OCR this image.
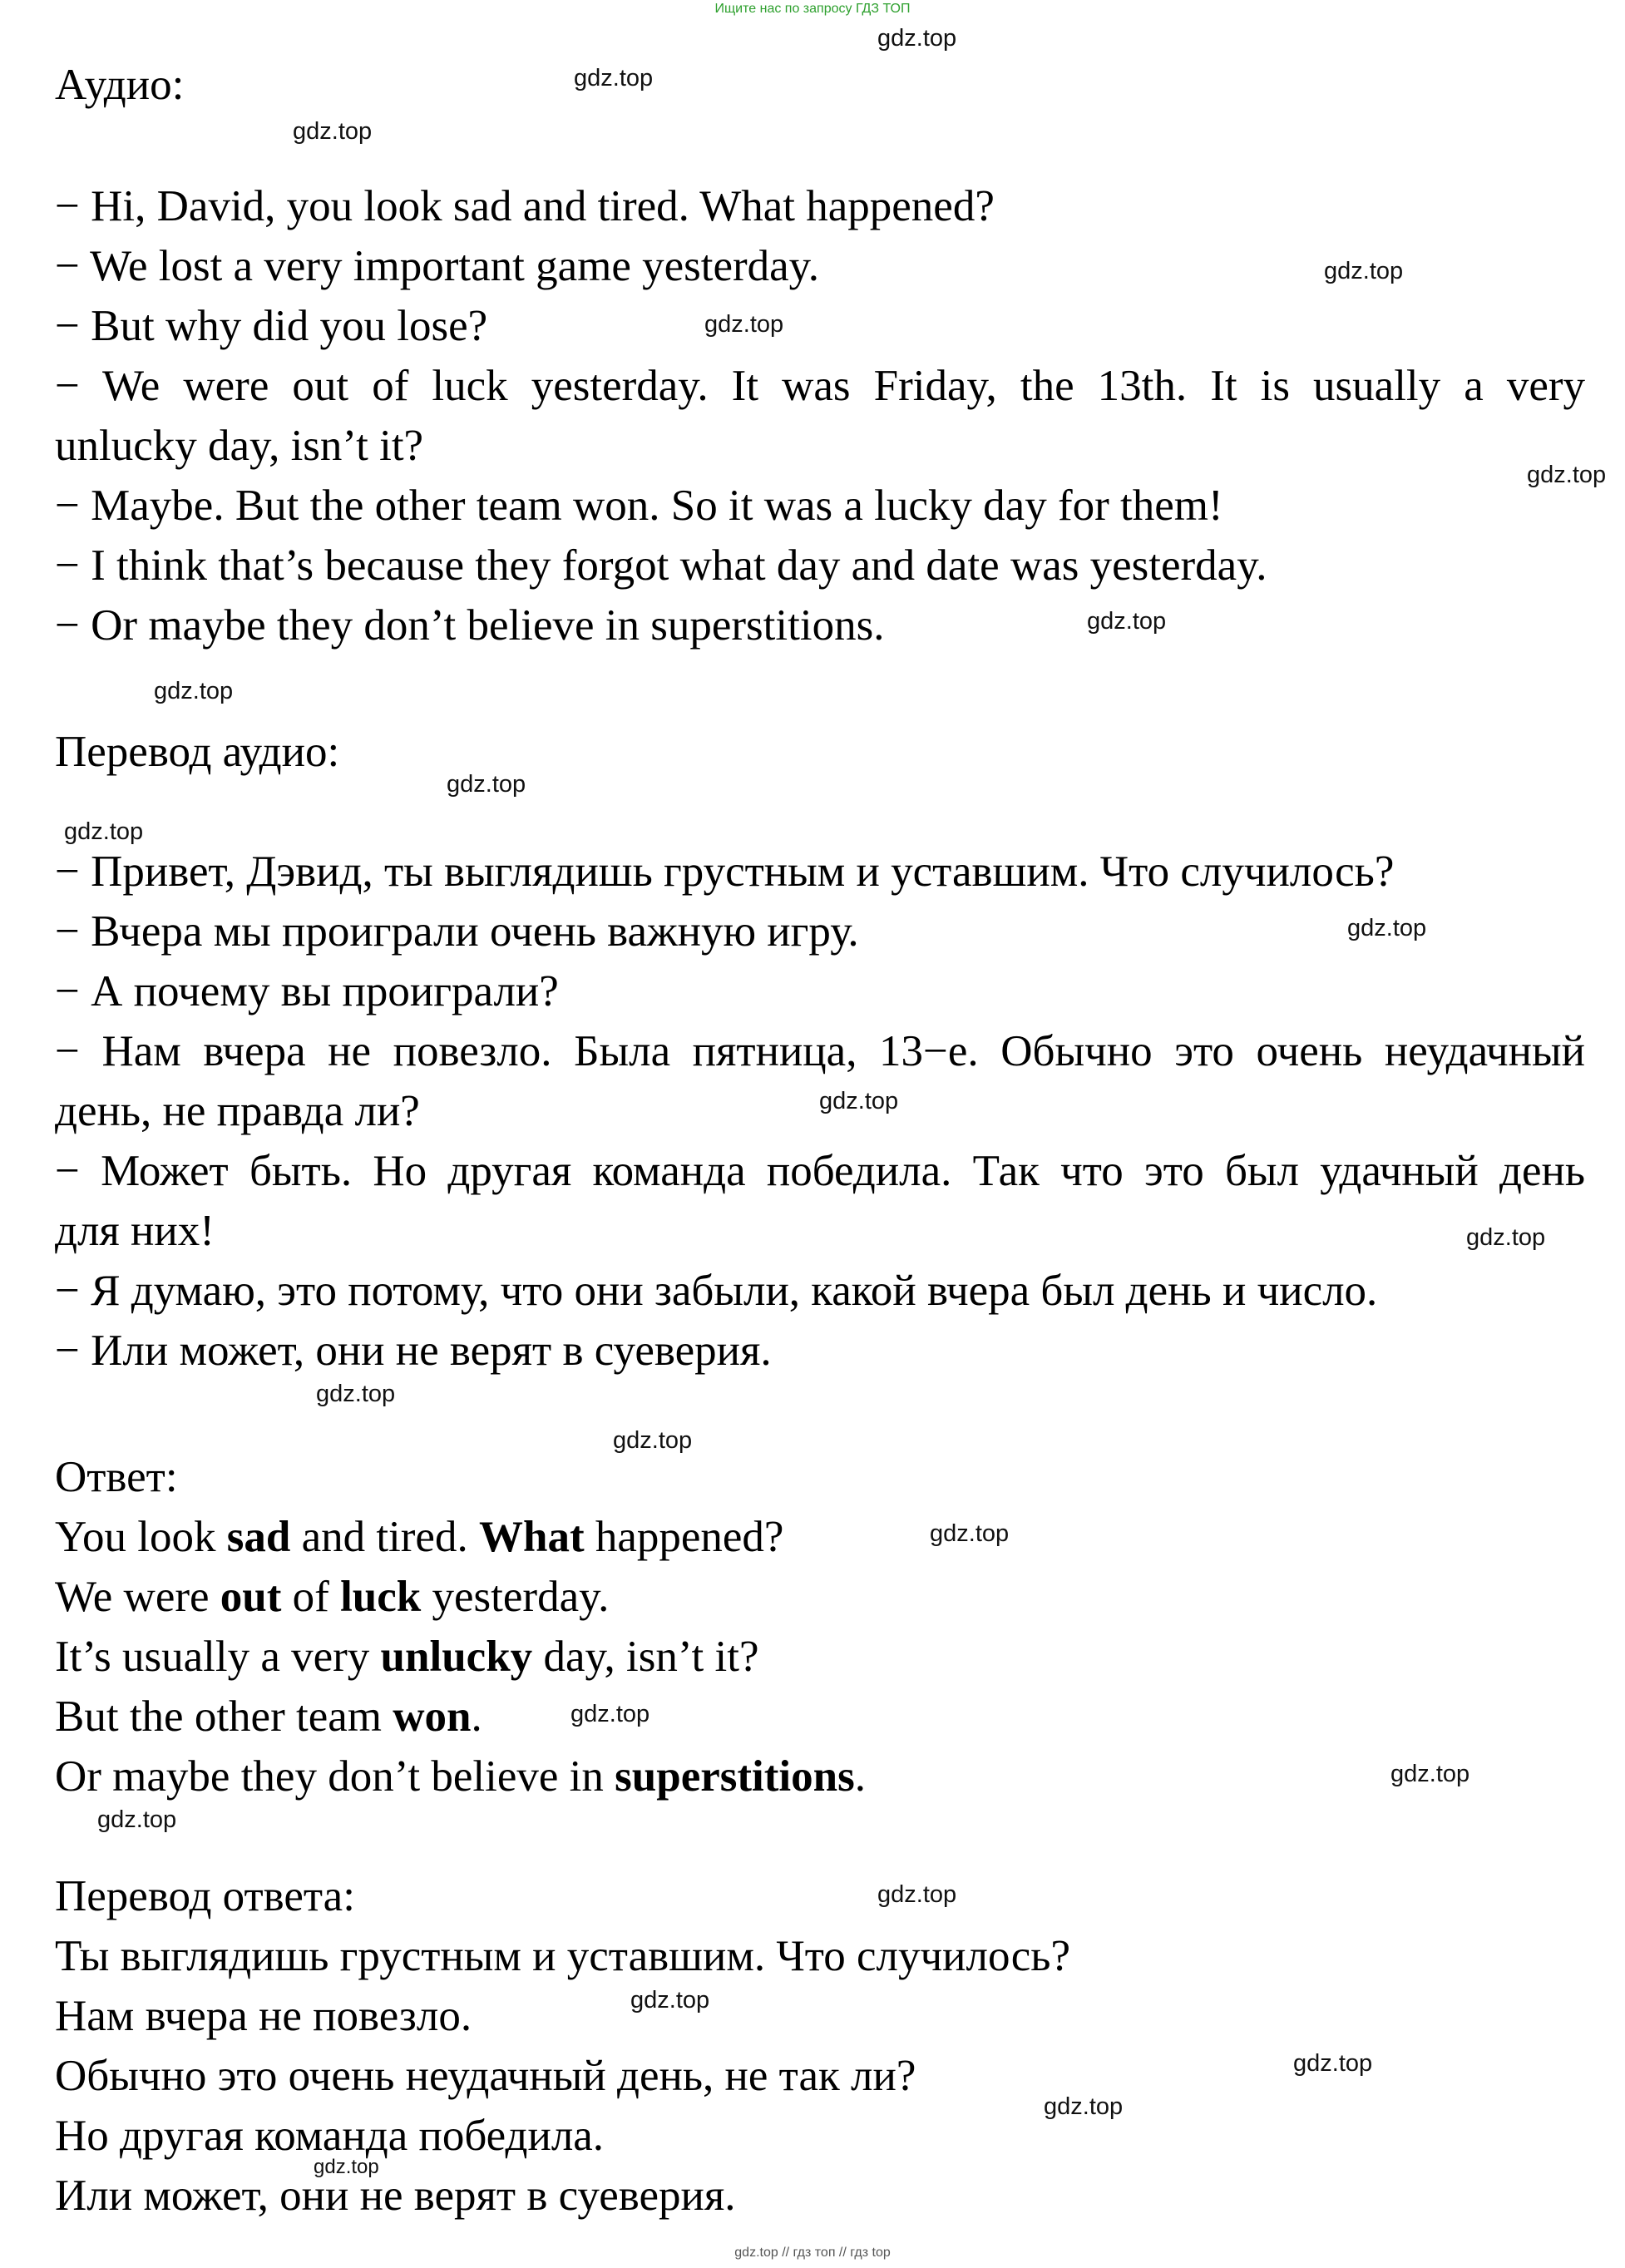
Ищите нас по запросу ГДЗ ТОП
Аудио:
− Hi, David, you look sad and tired. What happened?
− We lost a very important game yesterday.
− But why did you lose?
− We were out of luck yesterday. It was Friday, the 13th. It is usually a very
unlucky day, isn’t it?
− Maybe. But the other team won. So it was a lucky day for them!
− I think that’s because they forgot what day and date was yesterday.
− Or maybe they don’t believe in superstitions.
Перевод аудио:
− Привет, Дэвид, ты выглядишь грустным и уставшим. Что случилось?
− Вчера мы проиграли очень важную игру.
− А почему вы проиграли?
− Нам вчера не повезло. Была пятница, 13−е. Обычно это очень неудачный
день, не правда ли?
− Может быть. Но другая команда победила. Так что это был удачный день
для них!
− Я думаю, это потому, что они забыли, какой вчера был день и число.
− Или может, они не верят в суеверия.
Ответ:
You look sad and tired. What happened?
We were out of luck yesterday.
It’s usually a very unlucky day, isn’t it?
But the other team won.
Or maybe they don’t believe in superstitions.
Перевод ответа:
Ты выглядишь грустным и уставшим. Что случилось?
Нам вчера не повезло.
Обычно это очень неудачный день, не так ли?
Но другая команда победила.
Или может, они не верят в суеверия.
gdz.top
gdz.top
gdz.top
gdz.top
gdz.top
gdz.top
gdz.top
gdz.top
gdz.top
gdz.top
gdz.top
gdz.top
gdz.top
gdz.top
gdz.top
gdz.top
gdz.top
gdz.top
gdz.top
gdz.top
gdz.top
gdz.top
gdz.top
gdz.top
gdz.top // гдз топ // гдз top
